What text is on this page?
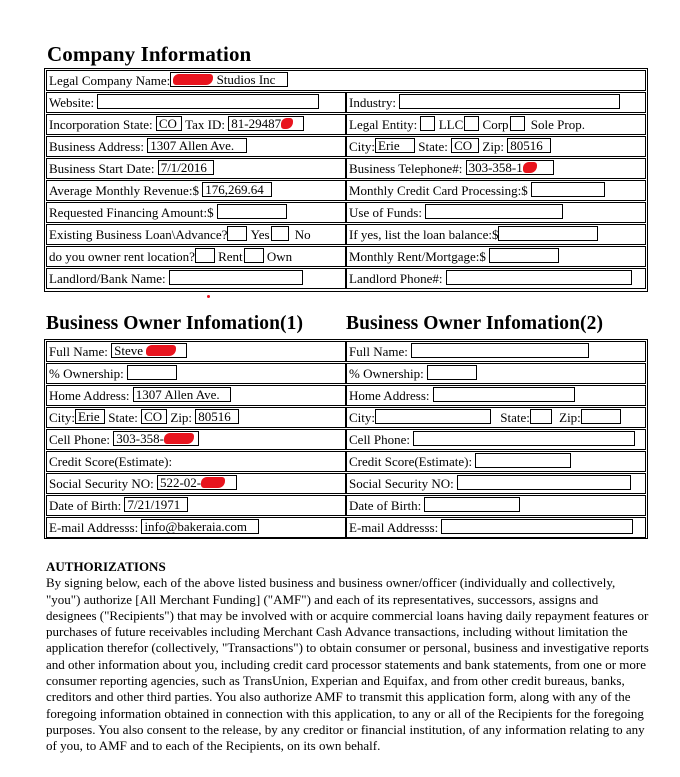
Company Information
Legal Company Name:	Studios Inc
Website:	Industry:
Incorporation State: CO Tax ID: 81-29487	Legal Entity: LLC Corp Sole Prop.
Business Address: 1307 Allen Ave.	City: Erie State: CO Zip: 80516
Business Start Date: 7/1/2016	Business Telephone#: 303-358-1
Average Monthly Revenue:$ 176,269.64	Monthly Credit Card Processing:$
Requested Financing Amount:$	Use of Funds:
Existing Business Loan\Advance? Yes No	If yes, list the loan balance:$
do you owner rent location? Rent Own	Monthly Rent/Mortgage:$
Landlord/Bank Name:	Landlord Phone#:
Business Owner Infomation(1) Business Owner Infomation(2)
Full Name: Steve	Full Name:
% Ownership:	% Ownership:
Home Address: 1307 Allen Ave.	Home Address:
City: Erie State: CO Zip: 80516	City:	State: Zip:
Cell Phone: 303-358-	Cell Phone:
Credit Score(Estimate):	Credit Score(Estimate):
Social Security NO: 522-02-	Social Security NO:
Date of Birth: 7/21/1971	Date of Birth:
E-mail Addresss: info@bakeraia.com	E-mail Addresss:

AUTHORIZATIONS

By signing below, each of the above listed business and business owner/officer (individually and collectively, "you") authorize [All Merchant Funding] ("AMF") and each of its representatives, successors, assigns and designees ("Recipients") that may be involved with or acquire commercial loans having daily repayment features or purchases of future receivables including Merchant Cash Advance transactions, including without limitation the application therefor (collectively, "Transactions") to obtain consumer or personal, business and investigative reports and other information about you, including credit card processor statements and bank statements, from one or more consumer reporting agencies, such as TransUnion, Experian and Equifax, and from other credit bureaus, banks, creditors and other third parties. You also authorize AMF to transmit this application form, along with any of the foregoing information obtained in connection with this application, to any or all of the Recipients for the foregoing purposes. You also consent to the release, by any creditor or financial institution, of any information relating to any of you, to AMF and to each of the Recipients, on its own behalf.
